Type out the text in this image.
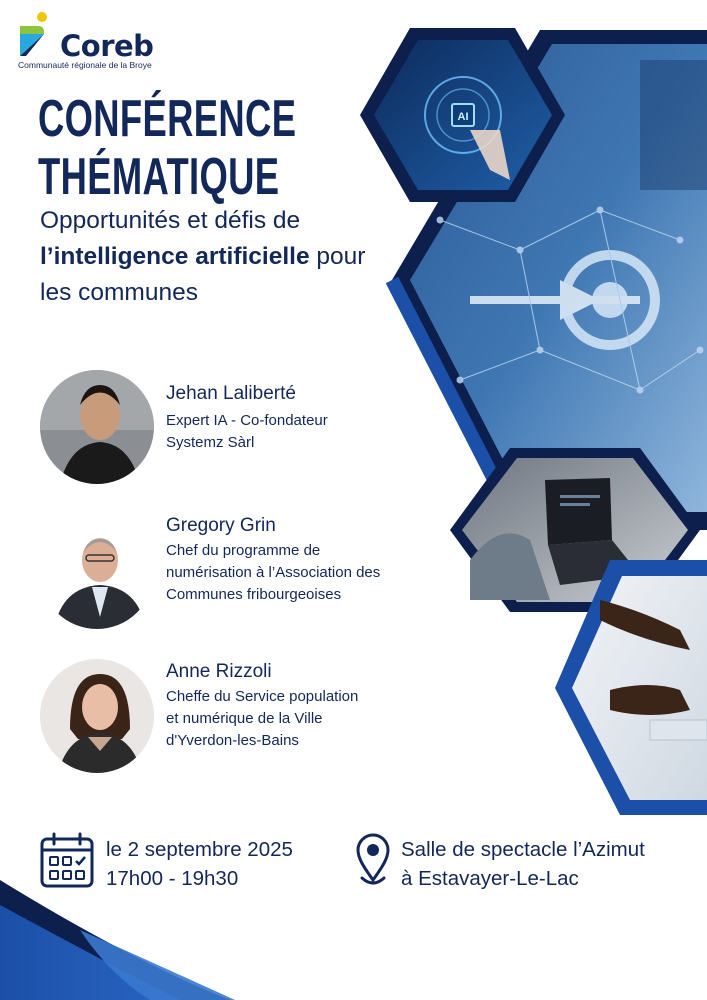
AI
Coreb
Communauté régionale de la Broye
CONFÉRENCE
THÉMATIQUE
Opportunités et défis de l’intelligence artificielle pour les communes
Jehan Laliberté
Expert IA - Co-fondateur
Systemz Sàrl
Gregory Grin
Chef du programme de
numérisation à l’Association des
Communes fribourgeoises
Anne Rizzoli
Cheffe du Service population
et numérique de la Ville
d'Yverdon-les-Bains
le 2 septembre 2025
17h00 - 19h30
Salle de spectacle l’Azimut
à Estavayer-Le-Lac
